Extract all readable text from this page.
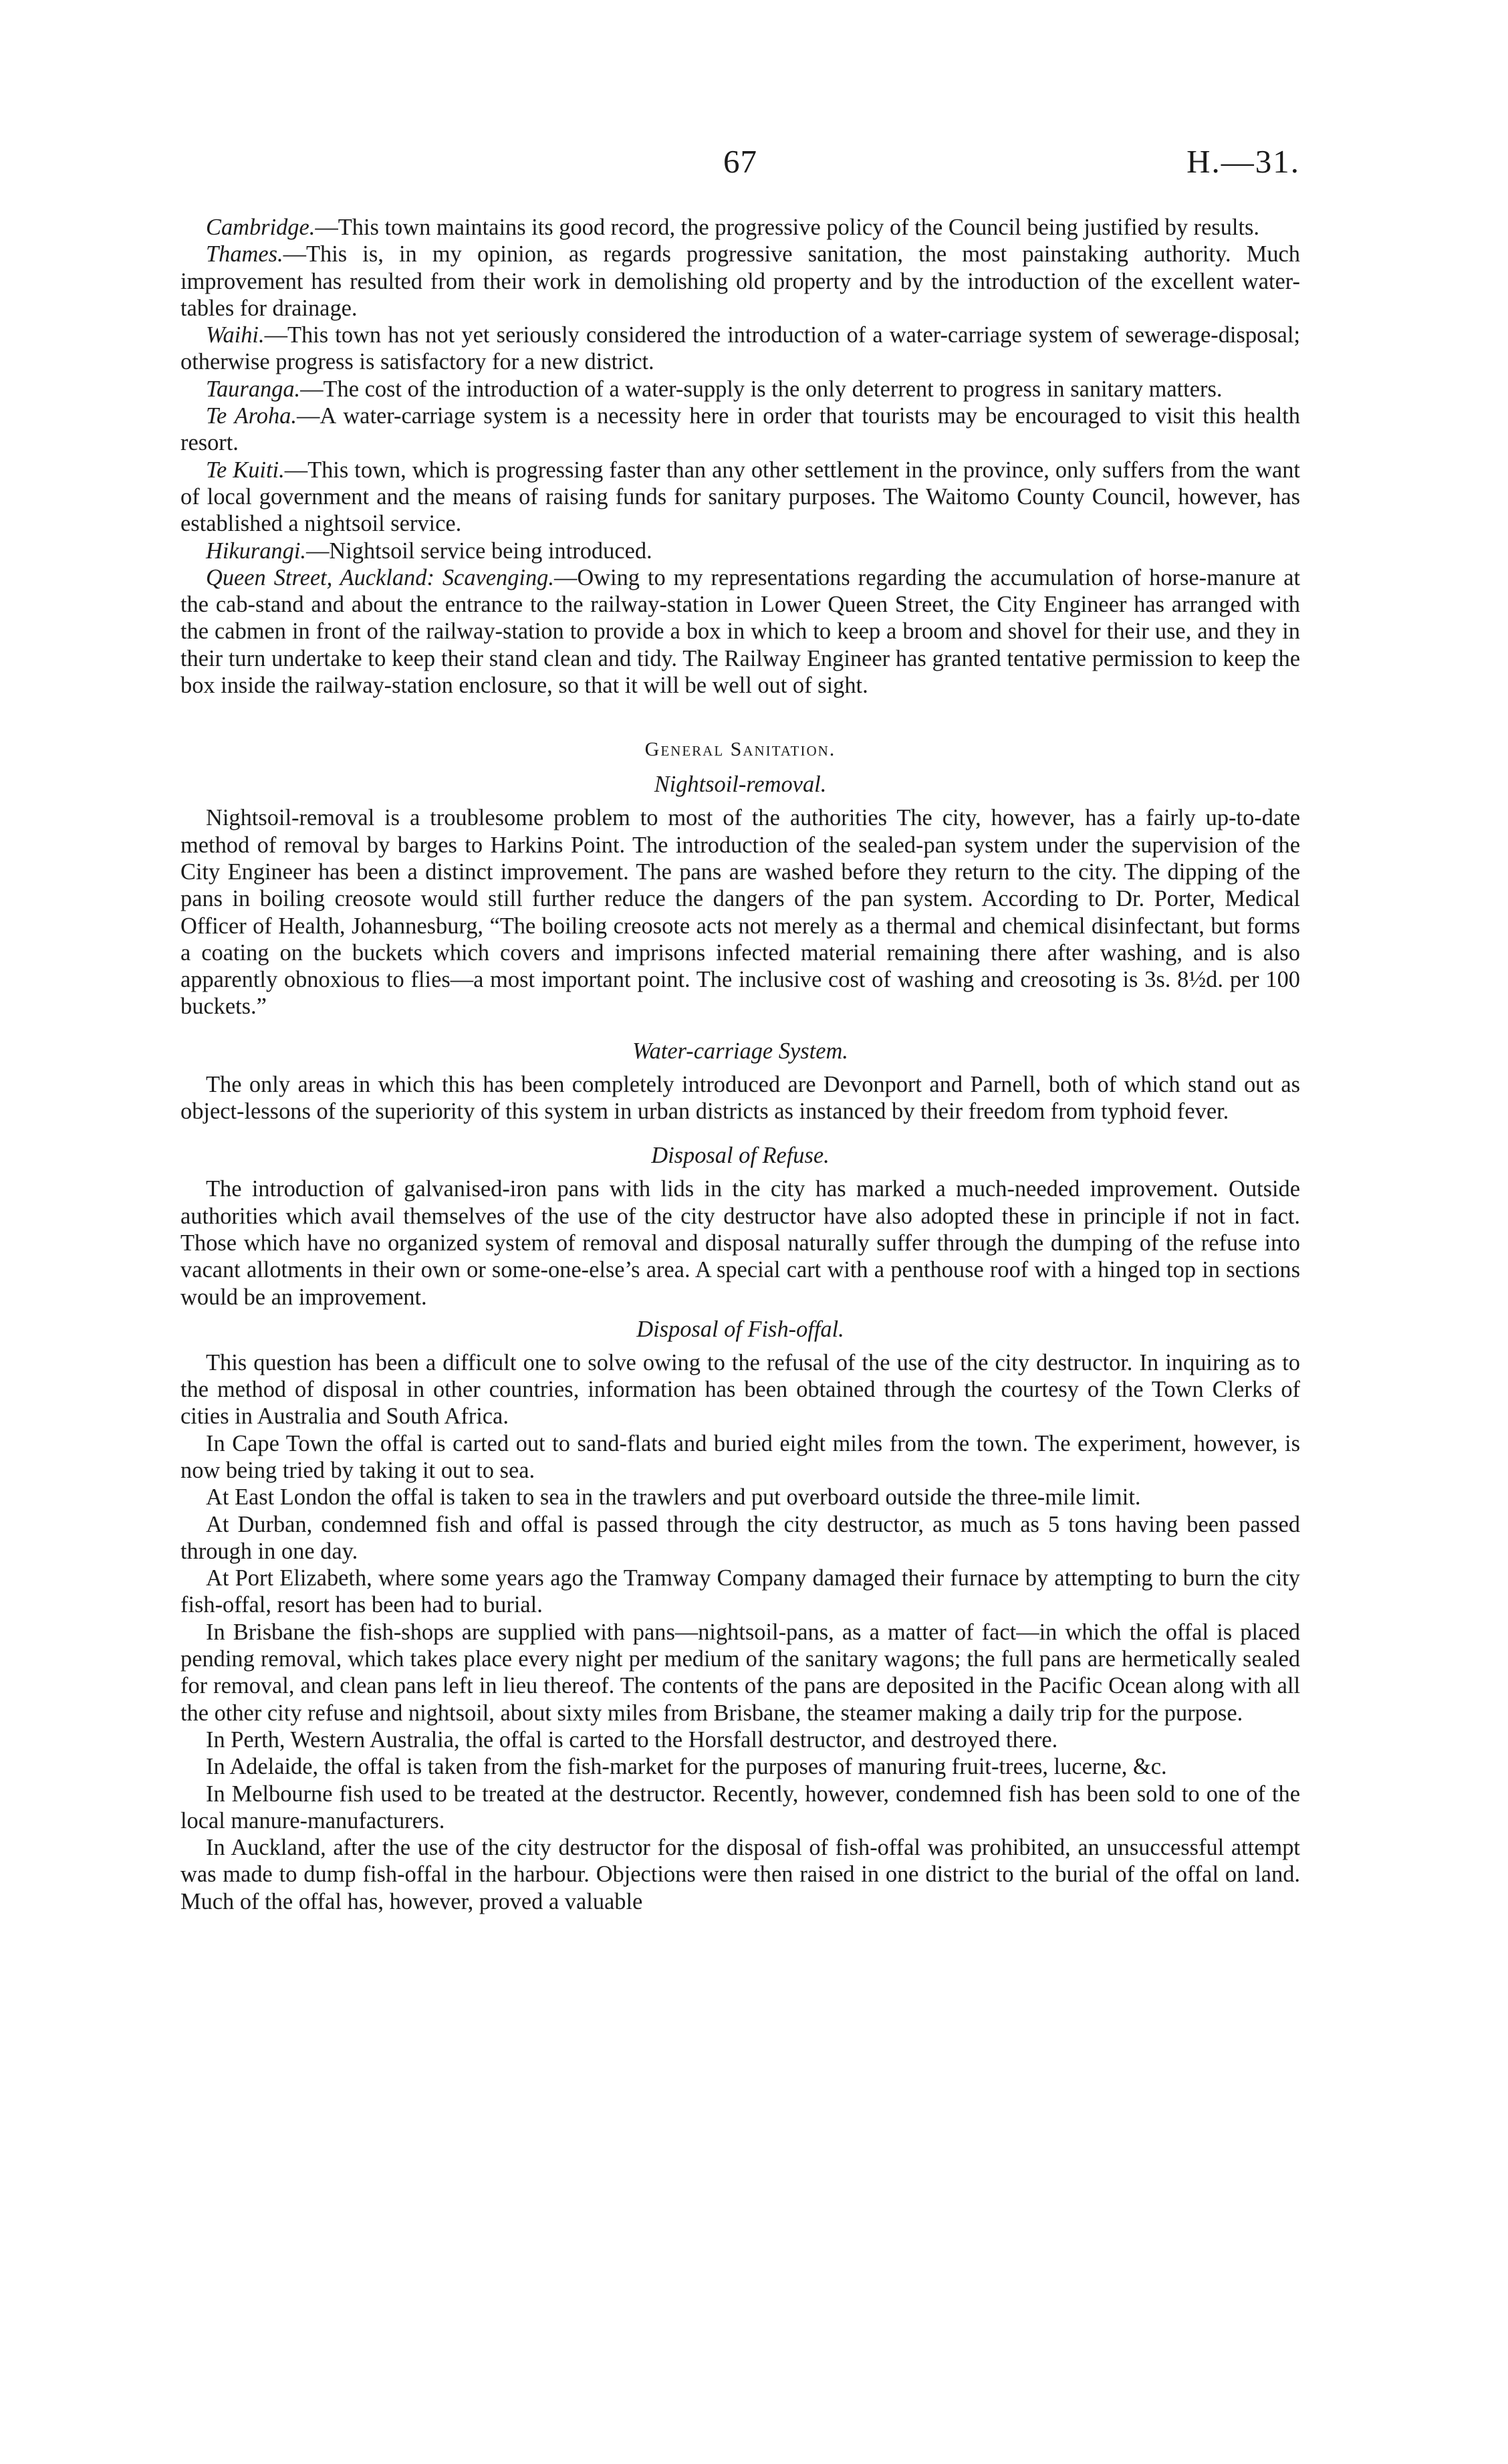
67	H.—31.

Cambridge.—This town maintains its good record, the progressive policy of the Council being justified by results.

Thames.—This is, in my opinion, as regards progressive sanitation, the most painstaking authority. Much improvement has resulted from their work in demolishing old property and by the introduction of the excellent water-tables for drainage.

Waihi.—This town has not yet seriously considered the introduction of a water-carriage system of sewerage-disposal; otherwise progress is satisfactory for a new district.

Tauranga.—The cost of the introduction of a water-supply is the only deterrent to progress in sanitary matters.

Te Aroha.—A water-carriage system is a necessity here in order that tourists may be encouraged to visit this health resort.

Te Kuiti.—This town, which is progressing faster than any other settlement in the province, only suffers from the want of local government and the means of raising funds for sanitary purposes. The Waitomo County Council, however, has established a nightsoil service.

Hikurangi.—Nightsoil service being introduced.

Queen Street, Auckland: Scavenging.—Owing to my representations regarding the accumulation of horse-manure at the cab-stand and about the entrance to the railway-station in Lower Queen Street, the City Engineer has arranged with the cabmen in front of the railway-station to provide a box in which to keep a broom and shovel for their use, and they in their turn undertake to keep their stand clean and tidy. The Railway Engineer has granted tentative permission to keep the box inside the railway-station enclosure, so that it will be well out of sight.

General Sanitation.
Nightsoil-removal.

Nightsoil-removal is a troublesome problem to most of the authorities The city, however, has a fairly up-to-date method of removal by barges to Harkins Point. The introduction of the sealed-pan system under the supervision of the City Engineer has been a distinct improvement. The pans are washed before they return to the city. The dipping of the pans in boiling creosote would still further reduce the dangers of the pan system. According to Dr. Porter, Medical Officer of Health, Johannesburg, “The boiling creosote acts not merely as a thermal and chemical disinfectant, but forms a coating on the buckets which covers and imprisons infected material remaining there after washing, and is also apparently obnoxious to flies—a most important point. The inclusive cost of washing and creosoting is 3s. 8½d. per 100 buckets.”

Water-carriage System.

The only areas in which this has been completely introduced are Devonport and Parnell, both of which stand out as object-lessons of the superiority of this system in urban districts as instanced by their freedom from typhoid fever.

Disposal of Refuse.

The introduction of galvanised-iron pans with lids in the city has marked a much-needed improvement. Outside authorities which avail themselves of the use of the city destructor have also adopted these in principle if not in fact. Those which have no organized system of removal and disposal naturally suffer through the dumping of the refuse into vacant allotments in their own or some-one-else’s area. A special cart with a penthouse roof with a hinged top in sections would be an improvement.

Disposal of Fish-offal.

This question has been a difficult one to solve owing to the refusal of the use of the city destructor. In inquiring as to the method of disposal in other countries, information has been obtained through the courtesy of the Town Clerks of cities in Australia and South Africa.

In Cape Town the offal is carted out to sand-flats and buried eight miles from the town. The experiment, however, is now being tried by taking it out to sea.

At East London the offal is taken to sea in the trawlers and put overboard outside the three-mile limit.

At Durban, condemned fish and offal is passed through the city destructor, as much as 5 tons having been passed through in one day.

At Port Elizabeth, where some years ago the Tramway Company damaged their furnace by attempting to burn the city fish-offal, resort has been had to burial.

In Brisbane the fish-shops are supplied with pans—nightsoil-pans, as a matter of fact—in which the offal is placed pending removal, which takes place every night per medium of the sanitary wagons; the full pans are hermetically sealed for removal, and clean pans left in lieu thereof. The contents of the pans are deposited in the Pacific Ocean along with all the other city refuse and nightsoil, about sixty miles from Brisbane, the steamer making a daily trip for the purpose.

In Perth, Western Australia, the offal is carted to the Horsfall destructor, and destroyed there.

In Adelaide, the offal is taken from the fish-market for the purposes of manuring fruit-trees, lucerne, &c.

In Melbourne fish used to be treated at the destructor. Recently, however, condemned fish has been sold to one of the local manure-manufacturers.

In Auckland, after the use of the city destructor for the disposal of fish-offal was prohibited, an unsuccessful attempt was made to dump fish-offal in the harbour. Objections were then raised in one district to the burial of the offal on land. Much of the offal has, however, proved a valuable
